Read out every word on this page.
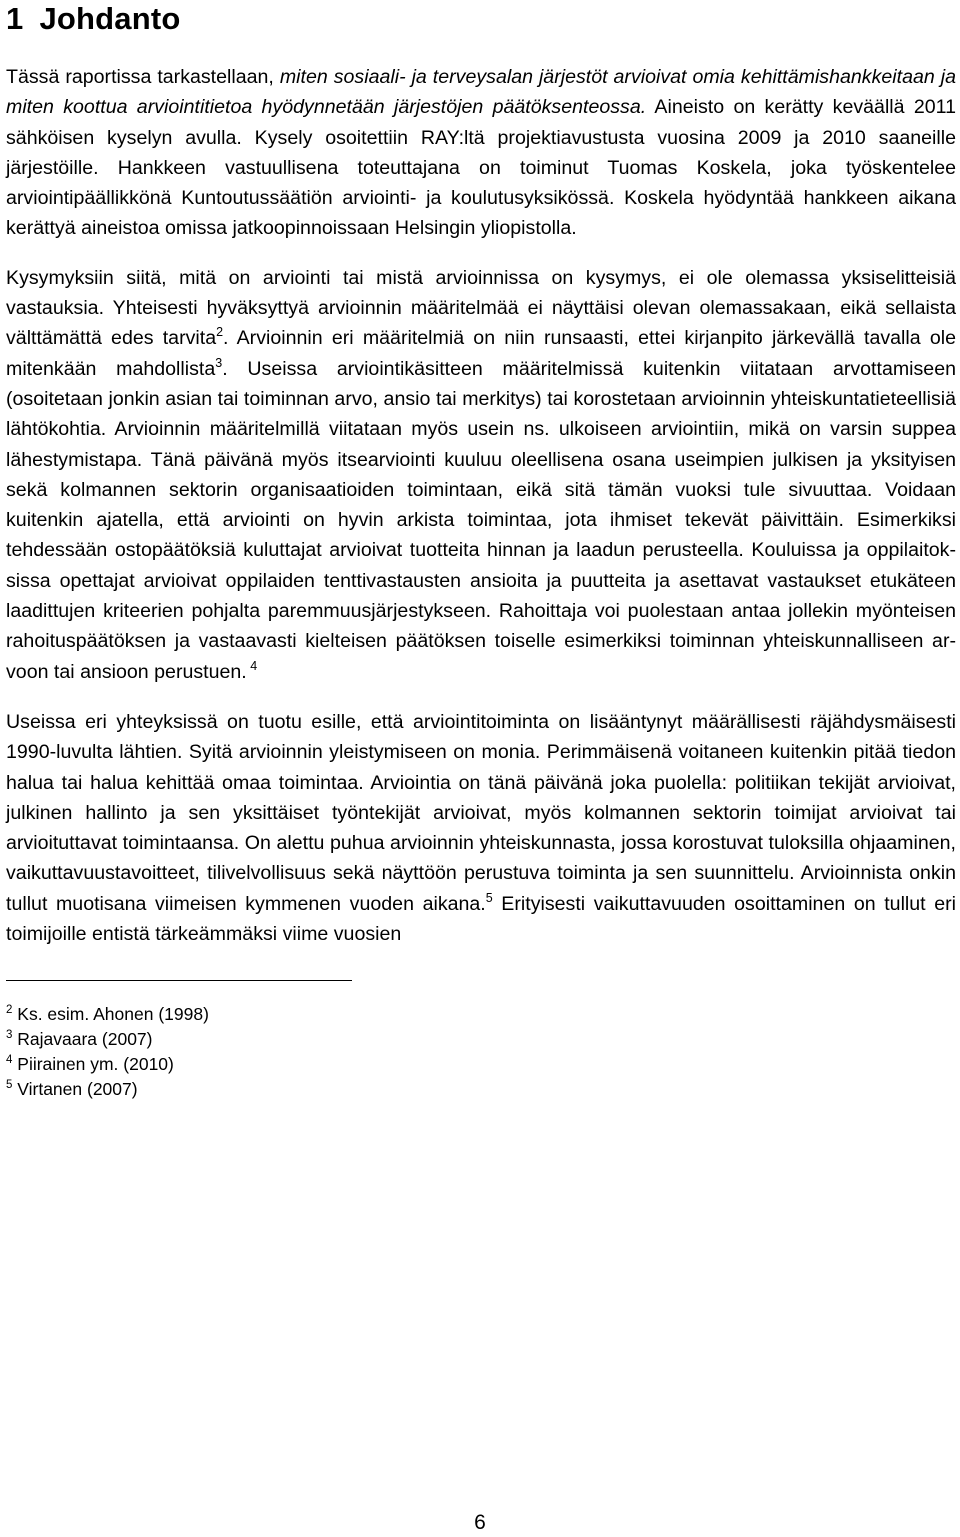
1 Johdanto

Tässä raportissa tarkastellaan, miten sosiaali- ja terveysalan järjestöt arvioivat omia kehittämishankkeitaan ja miten koottua arviointitietoa hyödynnetään järjestöjen päätöksenteossa. Aineisto on kerätty keväällä 2011 sähköisen kyselyn avulla. Kysely osoitettiin RAY:ltä projektiavustusta vuosina 2009 ja 2010 saaneille järjestöille. Hankkeen vastuullisena toteuttajana on toiminut Tuomas Koskela, joka työskentelee arviointipäällikkönä Kuntoutussäätiön arviointi- ja koulutusyksikössä. Koskela hyödyntää hankkeen aikana kerättyä aineistoa omissa jatkoopinnoissaan Helsingin yliopistolla.

Kysymyksiin siitä, mitä on arviointi tai mistä arvioinnissa on kysymys, ei ole olemassa yksiselitteisiä vastauksia. Yhteisesti hyväksyttyä arvioinnin määritelmää ei näyttäisi olevan olemassakaan, eikä sellaista välttämättä edes tarvita$^2$. Arvioinnin eri määritelmiä on niin runsaasti, ettei kirjanpito järkevällä tavalla ole mitenkään mahdollista$^3$. Useissa arviointikäsitteen määritelmissä kuitenkin viitataan arvottamiseen (osoitetaan jonkin asian tai toiminnan arvo, ansio tai merkitys) tai korostetaan arvioinnin yhteiskuntatieteellisiä lähtökohtia. Arvioinnin määritelmillä viitataan myös usein ns. ulkoiseen arviointiin, mikä on varsin suppea lähestymistapa. Tänä päivänä myös itsearviointi kuuluu oleellisena osana useimpien julkisen ja yksityisen sekä kolmannen sektorin organisaatioiden toimintaan, eikä sitä tämän vuoksi tule sivuuttaa. Voidaan kuitenkin ajatella, että arviointi on hyvin arkista toimintaa, jota ihmiset tekevät päivittäin. Esimerkiksi tehdessään ostopäätöksiä kuluttajat arvioivat tuotteita hinnan ja laadun perusteella. Kouluissa ja oppilaitoksissa opettajat arvioivat oppilaiden tenttivastausten ansioita ja puutteita ja asettavat vastaukset etukäteen laadittujen kriteerien pohjalta paremmuusjärjestykseen. Rahoittaja voi puolestaan antaa jollekin myönteisen rahoituspäätöksen ja vastaavasti kielteisen päätöksen toiselle esimerkiksi toiminnan yhteiskunnalliseen arvoon tai ansioon perustuen. $^4$

Useissa eri yhteyksissä on tuotu esille, että arviointitoiminta on lisääntynyt määrällisesti räjähdysmäisesti 1990-luvulta lähtien. Syitä arvioinnin yleistymiseen on monia. Perimmäisenä voitaneen kuitenkin pitää tiedon halua tai halua kehittää omaa toimintaa. Arviointia on tänä päivänä joka puolella: politiikan tekijät arvioivat, julkinen hallinto ja sen yksittäiset työntekijät arvioivat, myös kolmannen sektorin toimijat arvioivat tai arvioituttavat toimintaansa. On alettu puhua arvioinnin yhteiskunnasta, jossa korostuvat tuloksilla ohjaaminen, vaikuttavuustavoitteet, tilivelvollisuus sekä näyttöön perustuva toiminta ja sen suunnittelu. Arvioinnista onkin tullut muotisana viimeisen kymmenen vuoden aikana.$^5$ Erityisesti vaikuttavuuden osoittaminen on tullut eri toimijoille entistä tärkeämmäksi viime vuosien

$^2$ Ks. esim. Ahonen (1998)

$^3$ Rajavaara (2007)

$^4$ Piirainen ym. (2010)

$^5$ Virtanen (2007)

6
